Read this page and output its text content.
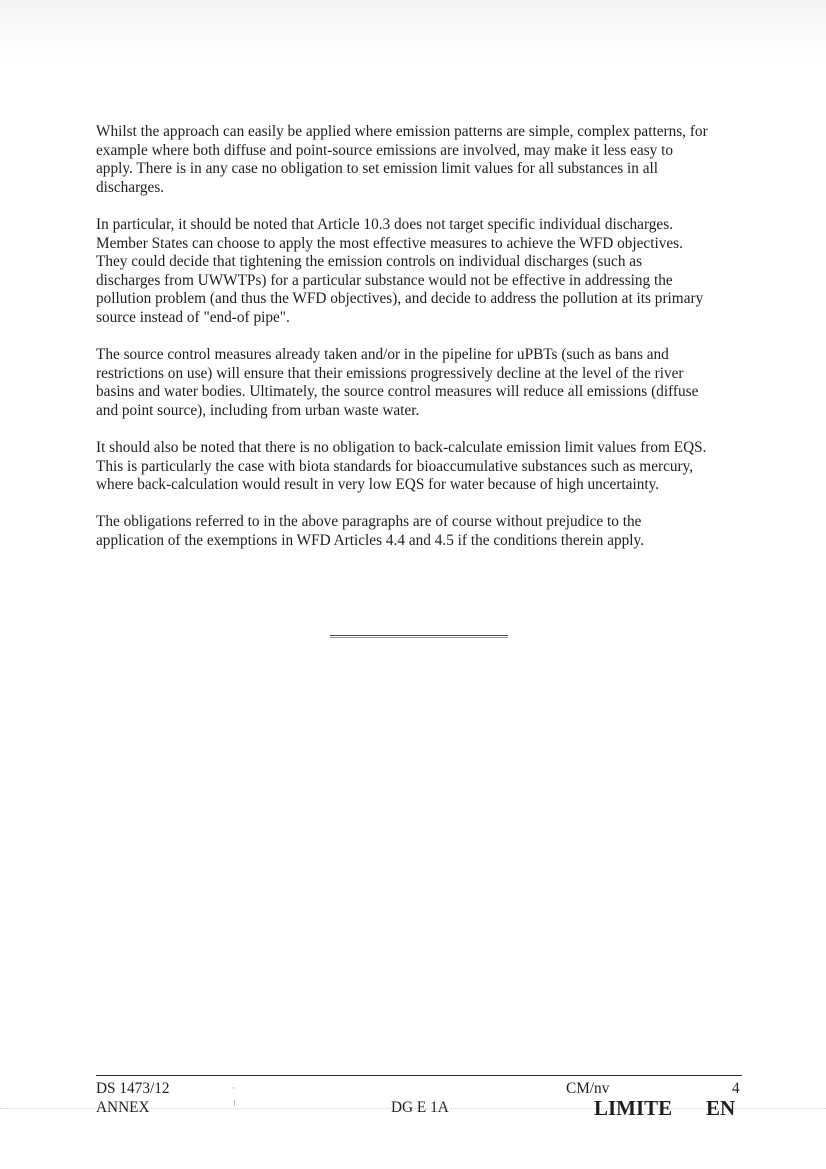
Whilst the approach can easily be applied where emission patterns are simple, complex patterns, for
example where both diffuse and point-source emissions are involved, may make it less easy to
apply. There is in any case no obligation to set emission limit values for all substances in all
discharges.

In particular, it should be noted that Article 10.3 does not target specific individual discharges.
Member States can choose to apply the most effective measures to achieve the WFD objectives.
They could decide that tightening the emission controls on individual discharges (such as
discharges from UWWTPs) for a particular substance would not be effective in addressing the
pollution problem (and thus the WFD objectives), and decide to address the pollution at its primary
source instead of "end-of pipe".

The source control measures already taken and/or in the pipeline for uPBTs (such as bans and
restrictions on use) will ensure that their emissions progressively decline at the level of the river
basins and water bodies. Ultimately, the source control measures will reduce all emissions (diffuse
and point source), including from urban waste water.

It should also be noted that there is no obligation to back-calculate emission limit values from EQS.
This is particularly the case with biota standards for bioaccumulative substances such as mercury,
where back-calculation would result in very low EQS for water because of high uncertainty.

The obligations referred to in the above paragraphs are of course without prejudice to the
application of the exemptions in WFD Articles 4.4 and 4.5 if the conditions therein apply.

DS 1473/12
ANNEX
·
⁝	DG E 1A
CM/nv	4
LIMITE EN
